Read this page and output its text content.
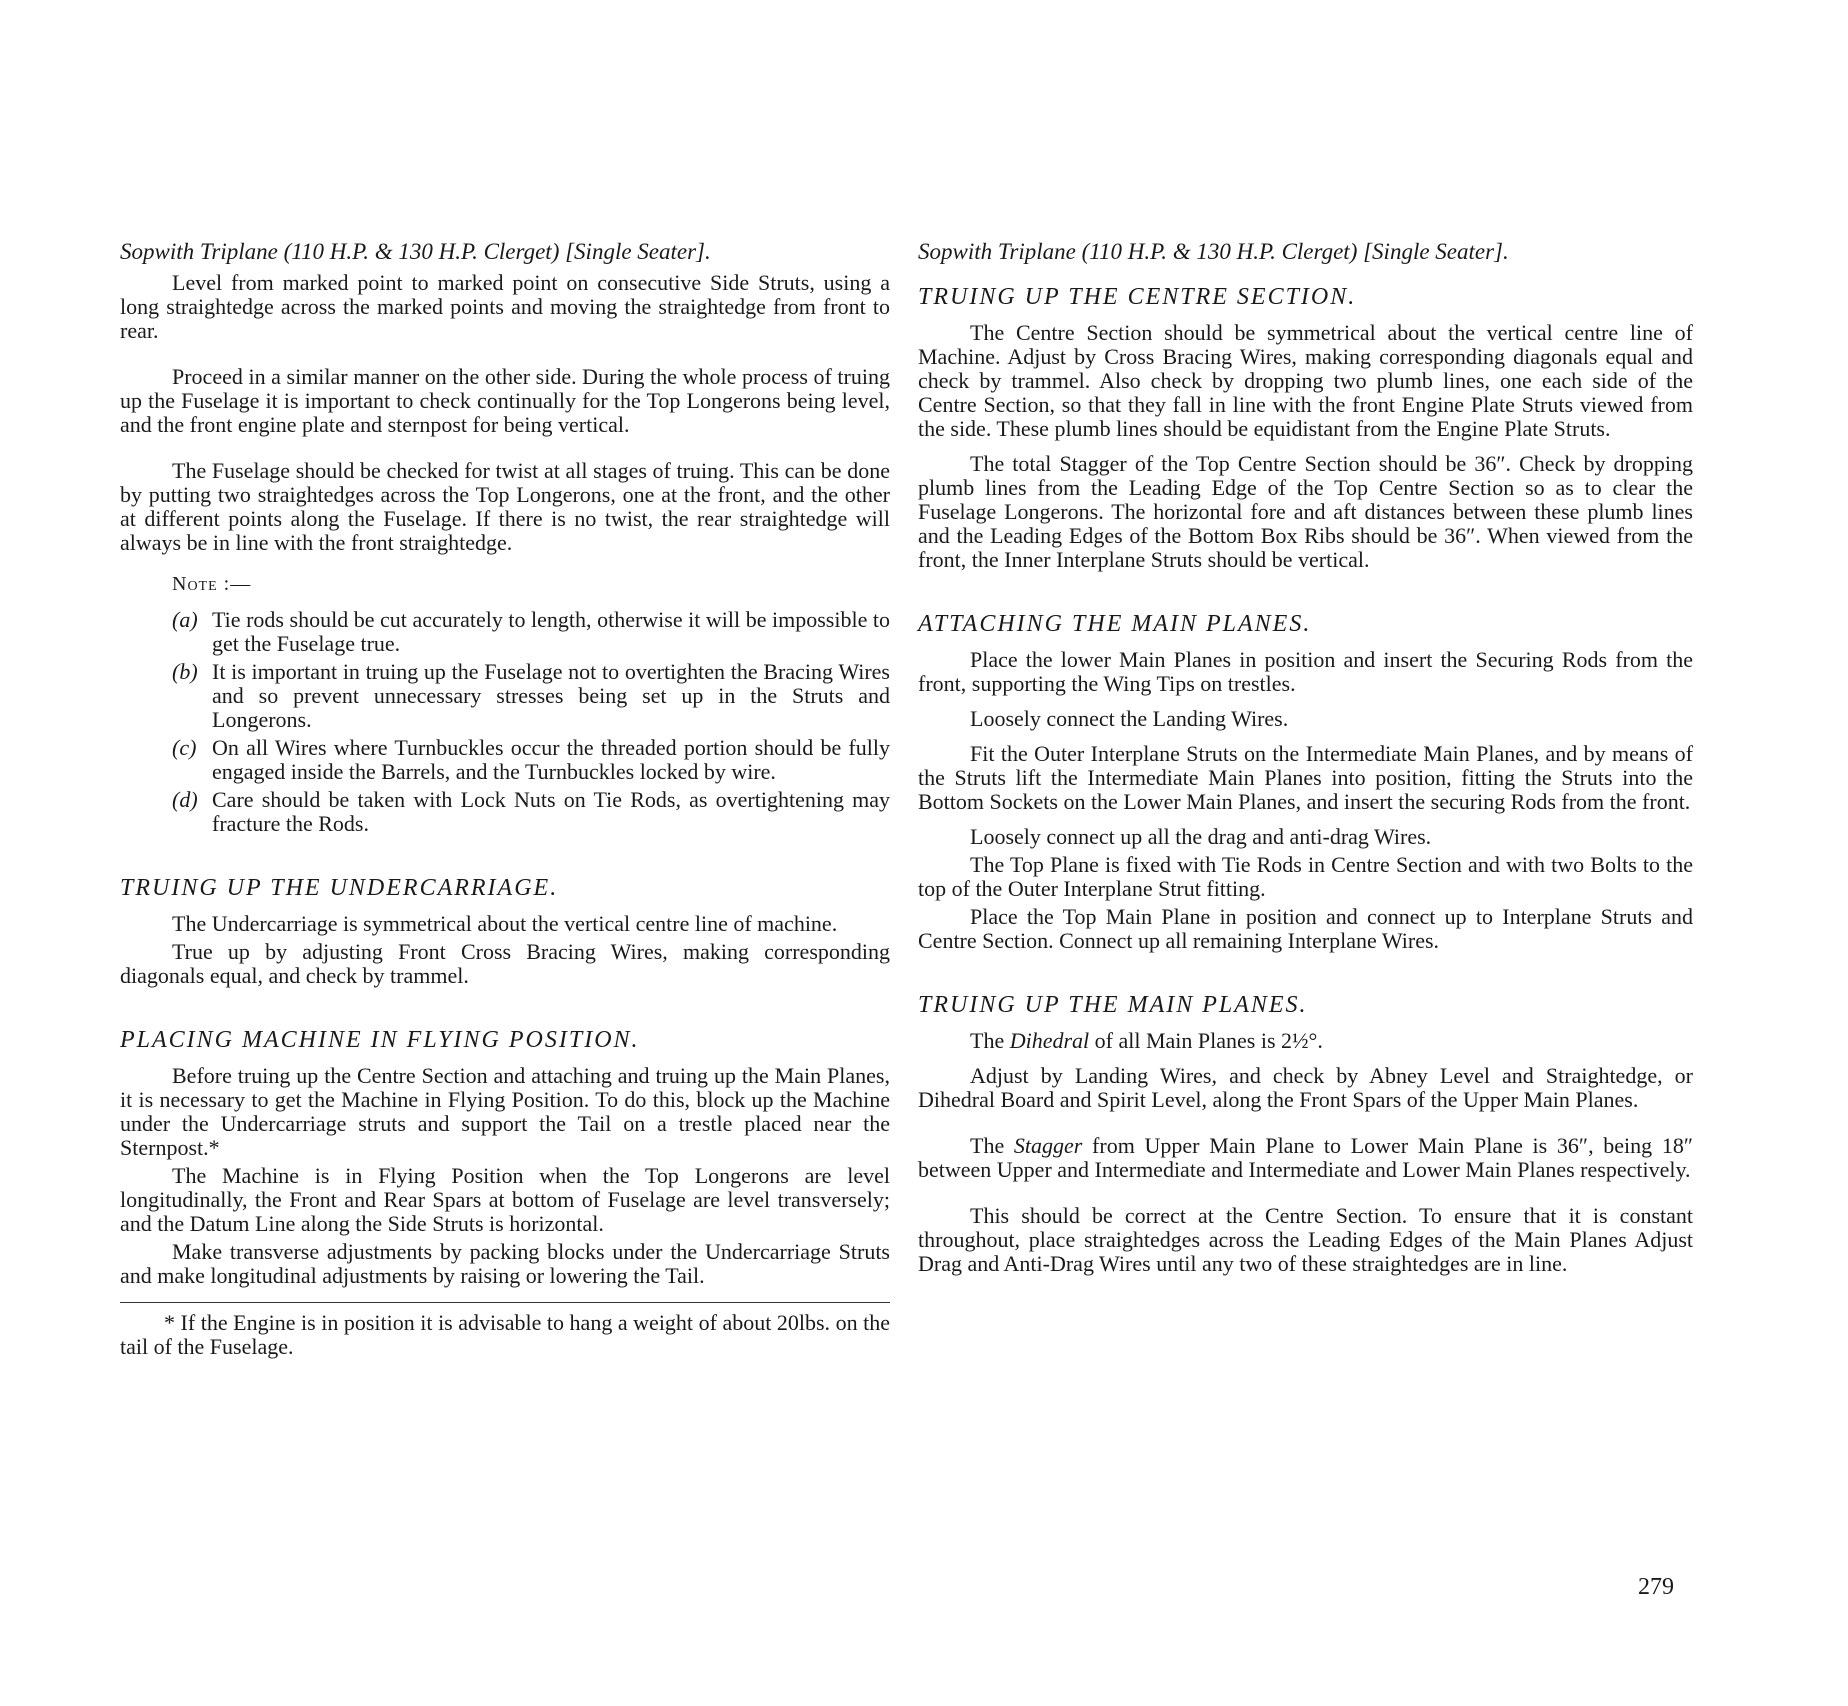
Sopwith Triplane (110 H.P. & 130 H.P. Clerget) [Single Seater].

Level from marked point to marked point on consecutive Side Struts, using a long straightedge across the marked points and moving the straightedge from front to rear.

Proceed in a similar manner on the other side. During the whole process of truing up the Fuselage it is important to check continually for the Top Longerons being level, and the front engine plate and sternpost for being vertical.

The Fuselage should be checked for twist at all stages of truing. This can be done by putting two straightedges across the Top Longerons, one at the front, and the other at different points along the Fuselage. If there is no twist, the rear straightedge will always be in line with the front straightedge.

Note :—
(a) Tie rods should be cut accurately to length, otherwise it will be impossible to get the Fuselage true.
(b) It is important in truing up the Fuselage not to overtighten the Bracing Wires and so prevent unnecessary stresses being set up in the Struts and Longerons.
(c) On all Wires where Turnbuckles occur the threaded portion should be fully engaged inside the Barrels, and the Turnbuckles locked by wire.
(d) Care should be taken with Lock Nuts on Tie Rods, as overtightening may fracture the Rods.
TRUING UP THE UNDERCARRIAGE.

The Undercarriage is symmetrical about the vertical centre line of machine.

True up by adjusting Front Cross Bracing Wires, making corresponding diagonals equal, and check by trammel.

PLACING MACHINE IN FLYING POSITION.

Before truing up the Centre Section and attaching and truing up the Main Planes, it is necessary to get the Machine in Flying Position. To do this, block up the Machine under the Undercarriage struts and support the Tail on a trestle placed near the Sternpost.*

The Machine is in Flying Position when the Top Longerons are level longitudinally, the Front and Rear Spars at bottom of Fuselage are level transversely; and the Datum Line along the Side Struts is horizontal.

Make transverse adjustments by packing blocks under the Undercarriage Struts and make longitudinal adjustments by raising or lowering the Tail.

* If the Engine is in position it is advisable to hang a weight of about 20lbs. on the tail of the Fuselage.

Sopwith Triplane (110 H.P. & 130 H.P. Clerget) [Single Seater].
TRUING UP THE CENTRE SECTION.

The Centre Section should be symmetrical about the vertical centre line of Machine. Adjust by Cross Bracing Wires, making corresponding diagonals equal and check by trammel. Also check by dropping two plumb lines, one each side of the Centre Section, so that they fall in line with the front Engine Plate Struts viewed from the side. These plumb lines should be equidistant from the Engine Plate Struts.

The total Stagger of the Top Centre Section should be 36″. Check by dropping plumb lines from the Leading Edge of the Top Centre Section so as to clear the Fuselage Longerons. The horizontal fore and aft distances between these plumb lines and the Leading Edges of the Bottom Box Ribs should be 36″. When viewed from the front, the Inner Interplane Struts should be vertical.

ATTACHING THE MAIN PLANES.

Place the lower Main Planes in position and insert the Securing Rods from the front, supporting the Wing Tips on trestles.

Loosely connect the Landing Wires.

Fit the Outer Interplane Struts on the Intermediate Main Planes, and by means of the Struts lift the Intermediate Main Planes into position, fitting the Struts into the Bottom Sockets on the Lower Main Planes, and insert the securing Rods from the front.

Loosely connect up all the drag and anti-drag Wires.

The Top Plane is fixed with Tie Rods in Centre Section and with two Bolts to the top of the Outer Interplane Strut fitting.

Place the Top Main Plane in position and connect up to Interplane Struts and Centre Section. Connect up all remaining Interplane Wires.

TRUING UP THE MAIN PLANES.

The Dihedral of all Main Planes is 2½°.

Adjust by Landing Wires, and check by Abney Level and Straightedge, or Dihedral Board and Spirit Level, along the Front Spars of the Upper Main Planes.

The Stagger from Upper Main Plane to Lower Main Plane is 36″, being 18″ between Upper and Intermediate and Intermediate and Lower Main Planes respectively.

This should be correct at the Centre Section. To ensure that it is constant throughout, place straightedges across the Leading Edges of the Main Planes Adjust Drag and Anti-Drag Wires until any two of these straightedges are in line.

279
